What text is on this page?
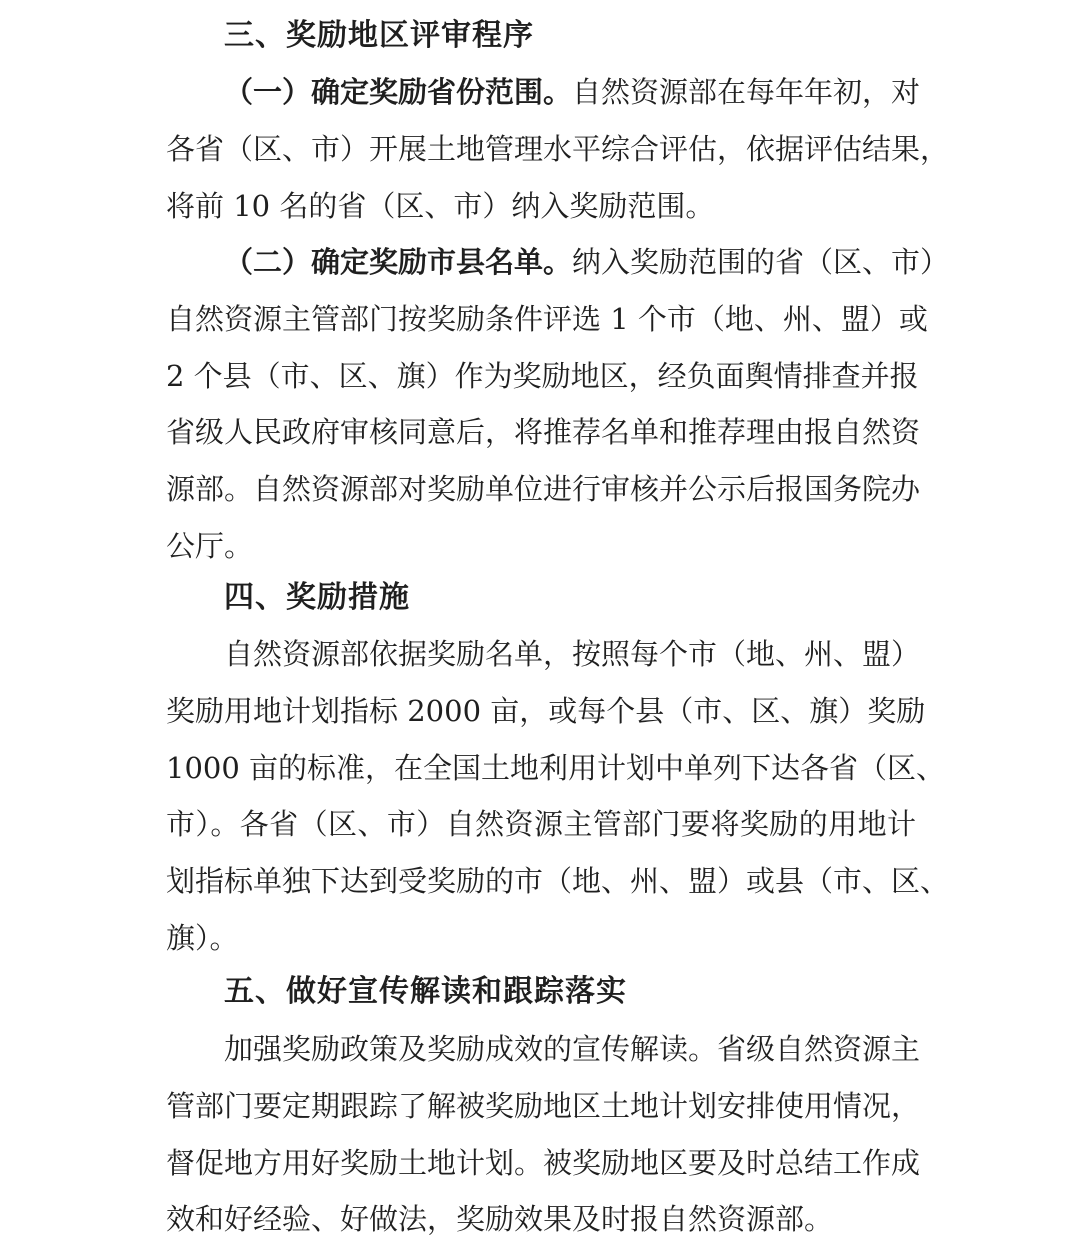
三、奖励地区评审程序
（一）确定奖励省份范围。自然资源部在每年年初，对
各省（区、市）开展土地管理水平综合评估，依据评估结果，
将前 10 名的省（区、市）纳入奖励范围。
（二）确定奖励市县名单。纳入奖励范围的省（区、市）
自然资源主管部门按奖励条件评选 1 个市（地、州、盟）或
2 个县（市、区、旗）作为奖励地区，经负面舆情排查并报
省级人民政府审核同意后，将推荐名单和推荐理由报自然资
源部。自然资源部对奖励单位进行审核并公示后报国务院办
公厅。
四、奖励措施
自然资源部依据奖励名单，按照每个市（地、州、盟）
奖励用地计划指标 2000 亩，或每个县（市、区、旗）奖励
1000 亩的标准，在全国土地利用计划中单列下达各省（区、
市）。各省（区、市）自然资源主管部门要将奖励的用地计
划指标单独下达到受奖励的市（地、州、盟）或县（市、区、
旗）。
五、做好宣传解读和跟踪落实
加强奖励政策及奖励成效的宣传解读。省级自然资源主
管部门要定期跟踪了解被奖励地区土地计划安排使用情况，
督促地方用好奖励土地计划。被奖励地区要及时总结工作成
效和好经验、好做法，奖励效果及时报自然资源部。
